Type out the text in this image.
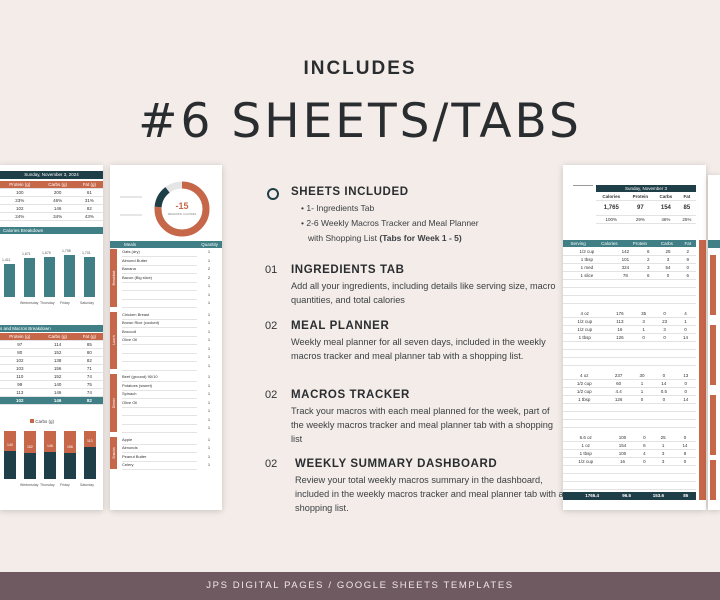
INCLUDES
#6 SHEETS/TABS
Sunday, November 3, 2024
Protein (g)	Carbs (g)	Fat (g)
100	200	61
23%	46%	31%
102	146	82
24%	34%	43%
Calories Breakdown
1,411
1,671	1,675
1,798
1,701
Wednesday Thursday Friday	Saturday
s and Macros Breakdown
Protein (g)	Carbs (g)	Fat (g)
97	114	85
80	152	80
102	138	82
103	156	71
110	152	74
99	140	75
113	146	74
102	146	82
Carbs (g)
140	152	146	156
113
Wednesday Thursday Friday	Saturday
-15
REMAINING CALORIES
Meals	Quantity
Breakfast
Oats (dry)	1
Almond Butter	1
Banana	2
Bacon (Big slice)	2
1
1
1
Lunch
Chicken Breast	1
Brown Rice (cooked)	1
Broccoli	1
Olive Oil	1
1
1
1
Dinner
Beef (ground) 90/10	1
Potatoes (sweet)	1
Spinach	1
Olive Oil	1
1
1
1
Snacks
Apple	1
Almonds	1
Peanut Butter	1
Celery	1
Sunday, November 3
Calories	Protein	Carbs	Fat
1,765	97	154	85
100%	29%	46%	25%
Serving	Calories	Protein	Carbs	Fat
1/2 cup	142	6	25	2
1 tbsp	101	2	3	9
1 med	324	3	54	0
1 slice	78	6	0	6

4 oz	176	35	0	4
1/2 cup	113	3	23	1
1/2 cup	16	1	3	0
1 tbsp	126	0	0	14

4 oz	237	30	0	13
1/2 cup	60	1	14	0
1/2 cup	4.4	1	0.5	0
1 tbsp	126	0	0	14

6.6 oz	100	0	25	0
1 oz	154	6	1	14
1 tbsp	100	4	3	8
1/2 cup	16	0	3	0

	1765.4	96.5	153.6	85
SHEETS INCLUDED
• 1- Ingredients Tab
• 2-6 Weekly Macros Tracker and Meal Planner
with Shopping List (Tabs for Week 1 - 5)
01 INGREDIENTS TAB
Add all your ingredients, including details like serving size, macro quantities, and total calories
02 MEAL PLANNER
Weekly meal planner for all seven days, included in the weekly macros tracker and meal planner tab with a shopping list.
02 MACROS TRACKER
Track your macros with each meal planned for the week, part of the weekly macros tracker and meal planner tab with a shopping list
02 WEEKLY SUMMARY DASHBOARD
Review your total weekly macros summary in the dashboard, included in the weekly macros tracker and meal planner tab with a shopping list.
JPS DIGITAL PAGES / GOOGLE SHEETS TEMPLATES
